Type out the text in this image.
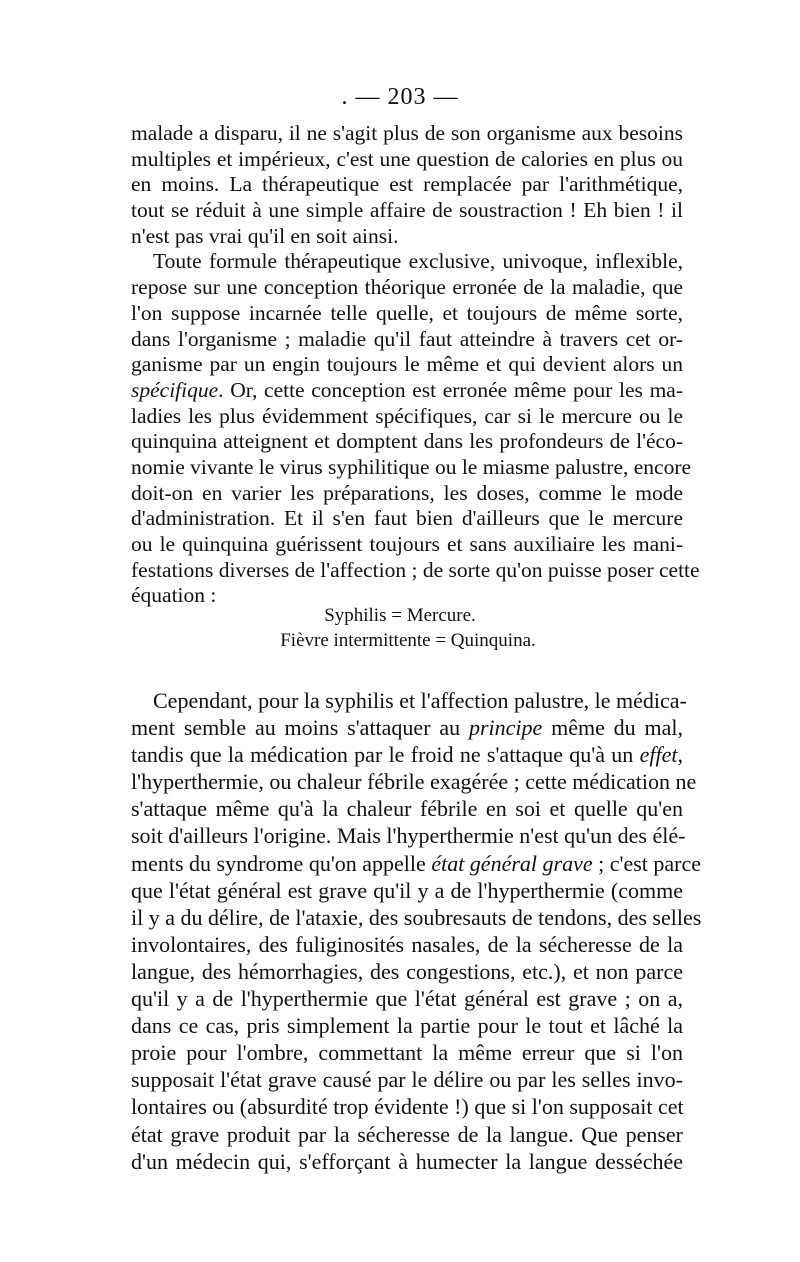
. — 203 —
malade a disparu, il ne s'agit plus de son organisme aux besoins
multiples et impérieux, c'est une question de calories en plus ou
en moins. La thérapeutique est remplacée par l'arithmétique,
tout se réduit à une simple affaire de soustraction ! Eh bien ! il
n'est pas vrai qu'il en soit ainsi.
Toute formule thérapeutique exclusive, univoque, inflexible,
repose sur une conception théorique erronée de la maladie, que
l'on suppose incarnée telle quelle, et toujours de même sorte,
dans l'organisme ; maladie qu'il faut atteindre à travers cet or-
ganisme par un engin toujours le même et qui devient alors un
spécifique. Or, cette conception est erronée même pour les ma-
ladies les plus évidemment spécifiques, car si le mercure ou le
quinquina atteignent et domptent dans les profondeurs de l'éco-
nomie vivante le virus syphilitique ou le miasme palustre, encore
doit-on en varier les préparations, les doses, comme le mode
d'administration. Et il s'en faut bien d'ailleurs que le mercure
ou le quinquina guérissent toujours et sans auxiliaire les mani-
festations diverses de l'affection ; de sorte qu'on puisse poser cette
équation :
Syphilis = Mercure.
Fièvre intermittente = Quinquina.
Cependant, pour la syphilis et l'affection palustre, le médica-
ment semble au moins s'attaquer au principe même du mal,
tandis que la médication par le froid ne s'attaque qu'à un effet,
l'hyperthermie, ou chaleur fébrile exagérée ; cette médication ne
s'attaque même qu'à la chaleur fébrile en soi et quelle qu'en
soit d'ailleurs l'origine. Mais l'hyperthermie n'est qu'un des élé-
ments du syndrome qu'on appelle état général grave ; c'est parce
que l'état général est grave qu'il y a de l'hyperthermie (comme
il y a du délire, de l'ataxie, des soubresauts de tendons, des selles
involontaires, des fuliginosités nasales, de la sécheresse de la
langue, des hémorrhagies, des congestions, etc.), et non parce
qu'il y a de l'hyperthermie que l'état général est grave ; on a,
dans ce cas, pris simplement la partie pour le tout et lâché la
proie pour l'ombre, commettant la même erreur que si l'on
supposait l'état grave causé par le délire ou par les selles invo-
lontaires ou (absurdité trop évidente !) que si l'on supposait cet
état grave produit par la sécheresse de la langue. Que penser
d'un médecin qui, s'efforçant à humecter la langue desséchée
